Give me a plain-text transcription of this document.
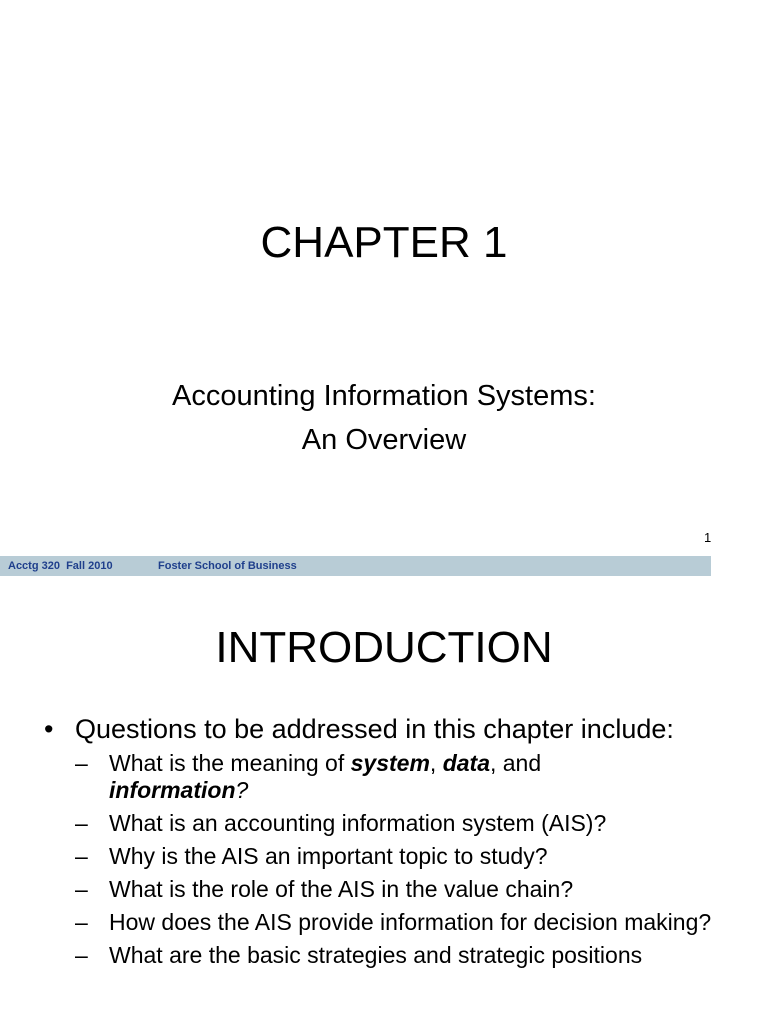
CHAPTER 1
Accounting Information Systems:
An Overview
1
Acctg 320  Fall 2010	Foster School of Business
INTRODUCTION
• Questions to be addressed in this chapter include:
– What is the meaning of system, data, and
information?
– What is an accounting information system (AIS)?
– Why is the AIS an important topic to study?
– What is the role of the AIS in the value chain?
– How does the AIS provide information for decision making?
– What are the basic strategies and strategic positions
